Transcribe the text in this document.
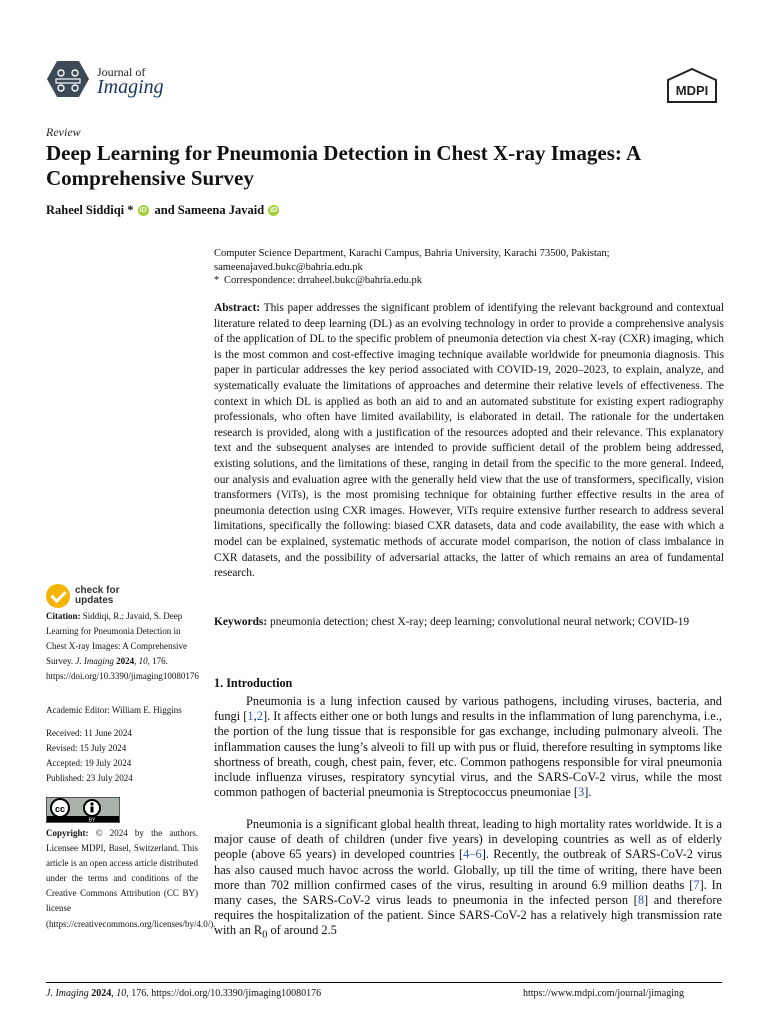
Journal of
Imaging	MDPI
Review
Deep Learning for Pneumonia Detection in Chest X-ray Images: A Comprehensive Survey
Raheel Siddiqi * iD and Sameena Javaid iD
Computer Science Department, Karachi Campus, Bahria University, Karachi 73500, Pakistan;
sameenajaved.bukc@bahria.edu.pk
* Correspondence: drraheel.bukc@bahria.edu.pk
Abstract: This paper addresses the significant problem of identifying the relevant background and contextual literature related to deep learning (DL) as an evolving technology in order to provide a comprehensive analysis of the application of DL to the specific problem of pneumonia detection via chest X-ray (CXR) imaging, which is the most common and cost-effective imaging technique available worldwide for pneumonia diagnosis. This paper in particular addresses the key period associated with COVID-19, 2020–2023, to explain, analyze, and systematically evaluate the limitations of approaches and determine their relative levels of effectiveness. The context in which DL is applied as both an aid to and an automated substitute for existing expert radiography professionals, who often have limited availability, is elaborated in detail. The rationale for the undertaken research is provided, along with a justification of the resources adopted and their relevance. This explanatory text and the subsequent analyses are intended to provide sufficient detail of the problem being addressed, existing solutions, and the limitations of these, ranging in detail from the specific to the more general. Indeed, our analysis and evaluation agree with the generally held view that the use of transformers, specifically, vision transformers (ViTs), is the most promising technique for obtaining further effective results in the area of pneumonia detection using CXR images. However, ViTs require extensive further research to address several limitations, specifically the following: biased CXR datasets, data and code availability, the ease with which a model can be explained, systematic methods of accurate model comparison, the notion of class imbalance in CXR datasets, and the possibility of adversarial attacks, the latter of which remains an area of fundamental research.
Keywords: pneumonia detection; chest X-ray; deep learning; convolutional neural network; COVID-19
check for
updates
Citation: Siddiqi, R.; Javaid, S. Deep Learning for Pneumonia Detection in Chest X-ray Images: A Comprehensive Survey. J. Imaging 2024, 10, 176. https://doi.org/10.3390/jimaging10080176
Academic Editor: William E. Higgins
Received: 11 June 2024
Revised: 15 July 2024
Accepted: 19 July 2024
Published: 23 July 2024
cc
BY
Copyright: © 2024 by the authors. Licensee MDPI, Basel, Switzerland. This article is an open access article distributed under the terms and conditions of the Creative Commons Attribution (CC BY) license (https://creativecommons.org/licenses/by/4.0/).
1. Introduction
Pneumonia is a lung infection caused by various pathogens, including viruses, bacteria, and fungi [1,2]. It affects either one or both lungs and results in the inflammation of lung parenchyma, i.e., the portion of the lung tissue that is responsible for gas exchange, including pulmonary alveoli. The inflammation causes the lung’s alveoli to fill up with pus or fluid, therefore resulting in symptoms like shortness of breath, cough, chest pain, fever, etc. Common pathogens responsible for viral pneumonia include influenza viruses, respiratory syncytial virus, and the SARS-CoV-2 virus, while the most common pathogen of bacterial pneumonia is Streptococcus pneumoniae [3].
Pneumonia is a significant global health threat, leading to high mortality rates worldwide. It is a major cause of death of children (under five years) in developing countries as well as of elderly people (above 65 years) in developed countries [4–6]. Recently, the outbreak of SARS-CoV-2 virus has also caused much havoc across the world. Globally, up till the time of writing, there have been more than 702 million confirmed cases of the virus, resulting in around 6.9 million deaths [7]. In many cases, the SARS-CoV-2 virus leads to pneumonia in the infected person [8] and therefore requires the hospitalization of the patient. Since SARS-CoV-2 has a relatively high transmission rate with an $R_0$ of around 2.5
J. Imaging 2024, 10, 176. https://doi.org/10.3390/jimaging10080176	https://www.mdpi.com/journal/jimaging
